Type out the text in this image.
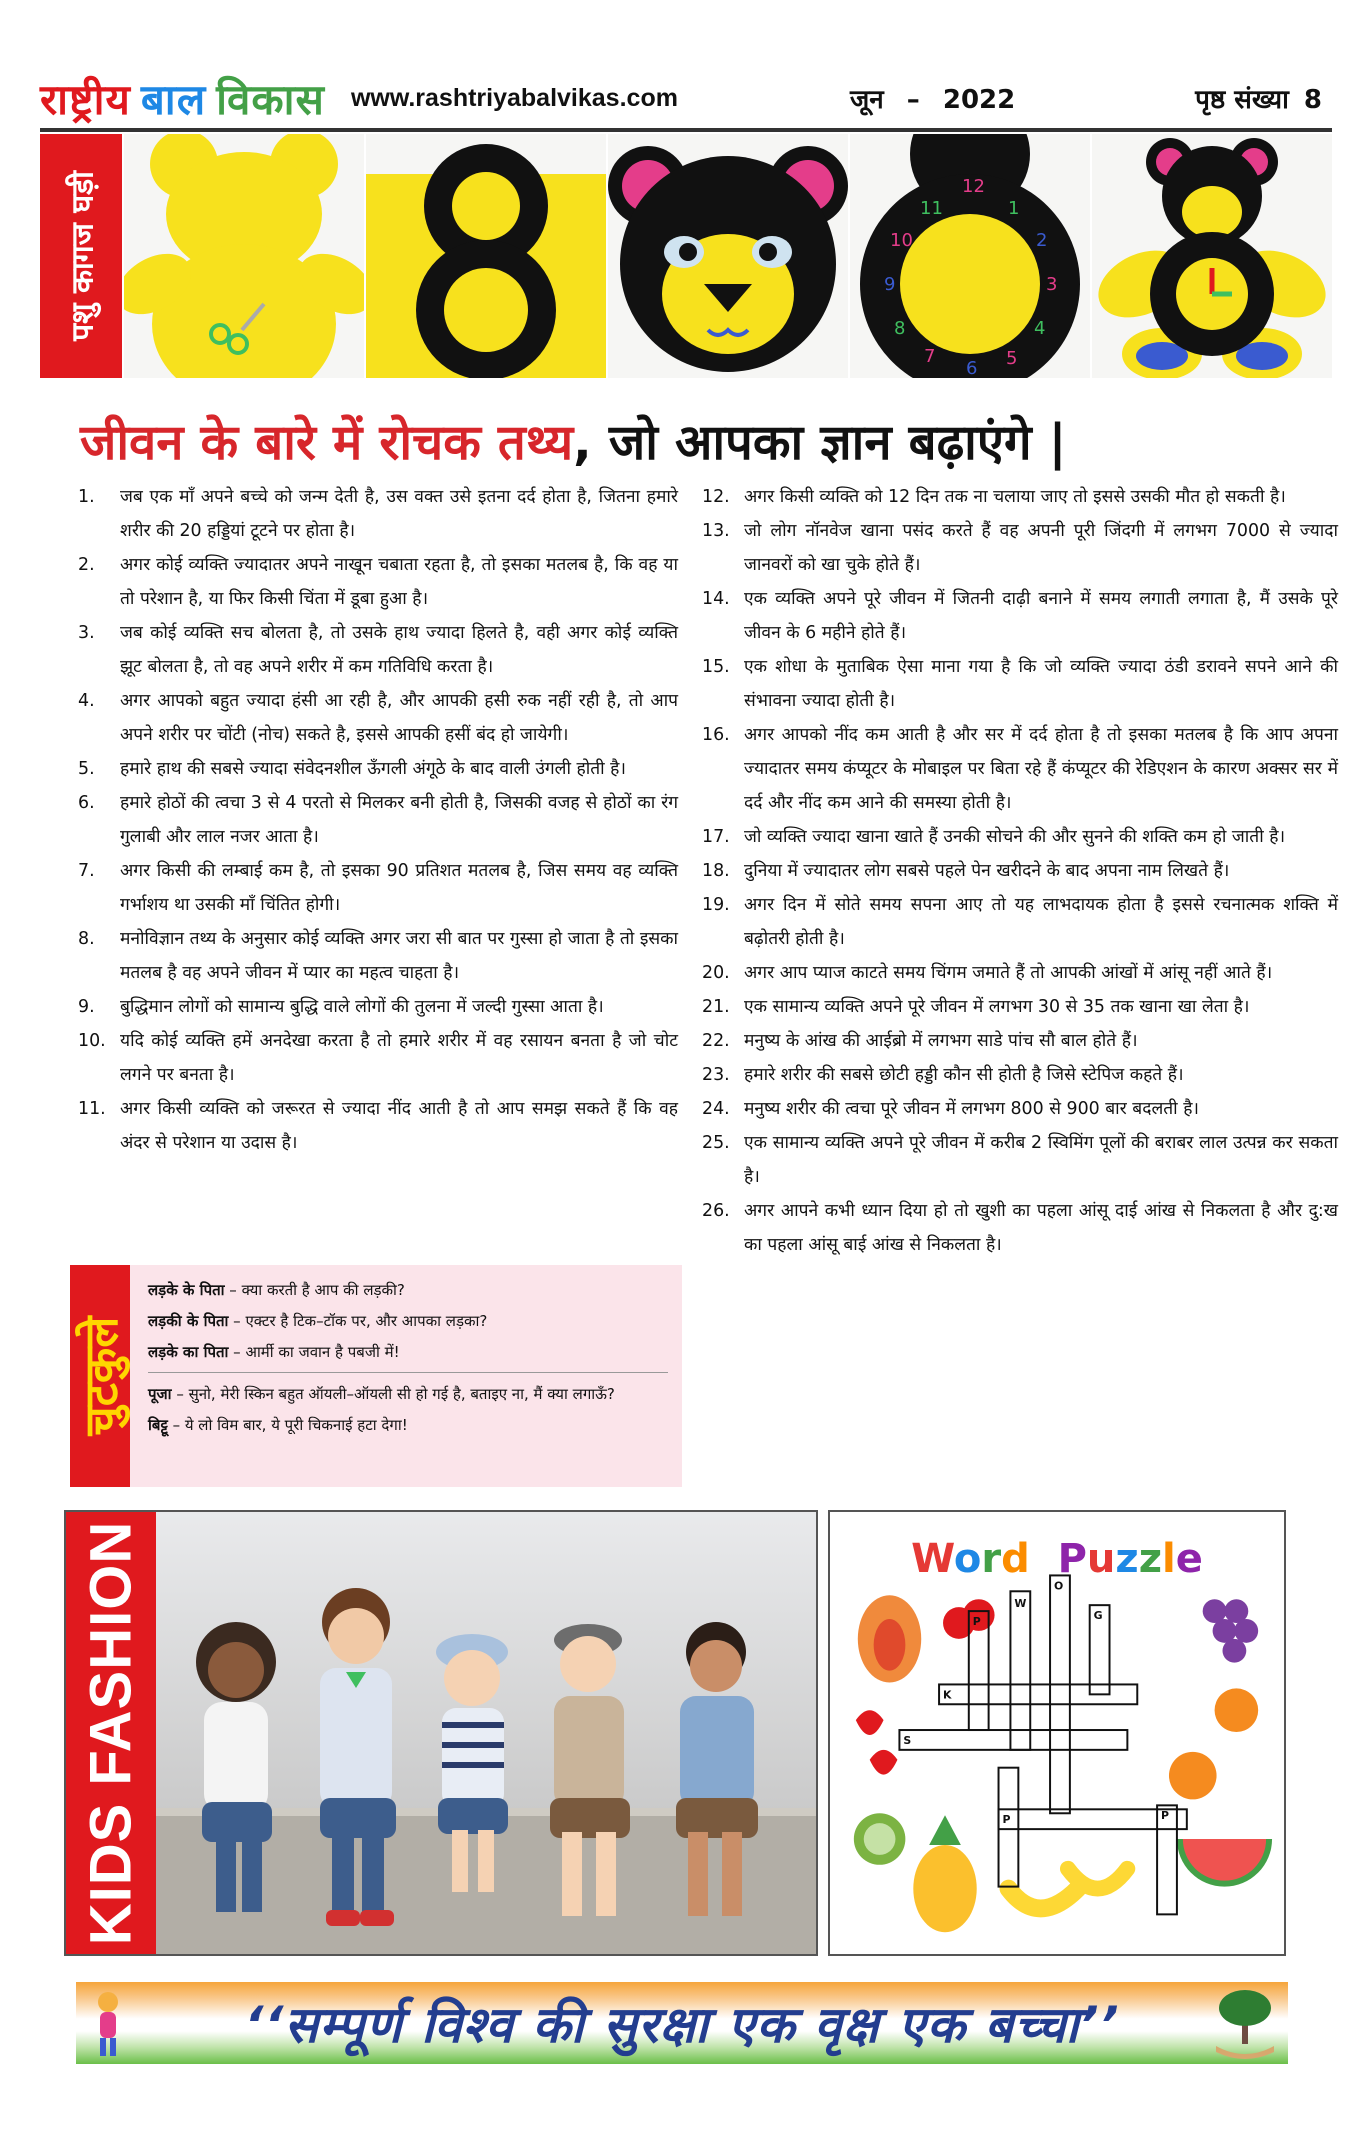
राष्ट्रीय बाल विकास www.rashtriyabalvikas.com	जून – 2022	पृष्ठ संख्या 8
पशु कागज घड़ी	12
1
2
3
4
5
6
7
8
9
10
11
जीवन के बारे में रोचक तथ्य, जो आपका ज्ञान बढ़ाएंगे |
1.	जब एक माँ अपने बच्चे को जन्म देती है, उस वक्त उसे इतना दर्द होता है, जितना हमारे शरीर की 20 हड्डियां टूटने पर होता है।
2.	अगर कोई व्यक्ति ज्यादातर अपने नाखून चबाता रहता है, तो इसका मतलब है, कि वह या तो परेशान है, या फिर किसी चिंता में डूबा हुआ है।
3.	जब कोई व्यक्ति सच बोलता है, तो उसके हाथ ज्यादा हिलते है, वही अगर कोई व्यक्ति झूट बोलता है, तो वह अपने शरीर में कम गतिविधि करता है।
4.	अगर आपको बहुत ज्यादा हंसी आ रही है, और आपकी हसी रुक नहीं रही है, तो आप अपने शरीर पर चोंटी (नोच) सकते है, इससे आपकी हसीं बंद हो जायेगी।
5.	हमारे हाथ की सबसे ज्यादा संवेदनशील ऊँगली अंगूठे के बाद वाली उंगली होती है।
6.	हमारे होठों की त्वचा 3 से 4 परतो से मिलकर बनी होती है, जिसकी वजह से होठों का रंग गुलाबी और लाल नजर आता है।
7.	अगर किसी की लम्बाई कम है, तो इसका 90 प्रतिशत मतलब है, जिस समय वह व्यक्ति गर्भाशय था उसकी माँ चिंतित होगी।
8.	मनोविज्ञान तथ्य के अनुसार कोई व्यक्ति अगर जरा सी बात पर गुस्सा हो जाता है तो इसका मतलब है वह अपने जीवन में प्यार का महत्व चाहता है।
9.	बुद्धिमान लोगों को सामान्य बुद्धि वाले लोगों की तुलना में जल्दी गुस्सा आता है।
10. यदि कोई व्यक्ति हमें अनदेखा करता है तो हमारे शरीर में वह रसायन बनता है जो चोट लगने पर बनता है।
11. अगर किसी व्यक्ति को जरूरत से ज्यादा नींद आती है तो आप समझ सकते हैं कि वह अंदर से परेशान या उदास है।
12. अगर किसी व्यक्ति को 12 दिन तक ना चलाया जाए तो इससे उसकी मौत हो सकती है।
13. जो लोग नॉनवेज खाना पसंद करते हैं वह अपनी पूरी जिंदगी में लगभग 7000 से ज्यादा जानवरों को खा चुके होते हैं।
14. एक व्यक्ति अपने पूरे जीवन में जितनी दाढ़ी बनाने में समय लगाती लगाता है, मैं उसके पूरे जीवन के 6 महीने होते हैं।
15. एक शोधा के मुताबिक ऐसा माना गया है कि जो व्यक्ति ज्यादा ठंडी डरावने सपने आने की संभावना ज्यादा होती है।
16. अगर आपको नींद कम आती है और सर में दर्द होता है तो इसका मतलब है कि आप अपना ज्यादातर समय कंप्यूटर के मोबाइल पर बिता रहे हैं कंप्यूटर की रेडिएशन के कारण अक्सर सर में दर्द और नींद कम आने की समस्या होती है।
17. जो व्यक्ति ज्यादा खाना खाते हैं उनकी सोचने की और सुनने की शक्ति कम हो जाती है।
18. दुनिया में ज्यादातर लोग सबसे पहले पेन खरीदने के बाद अपना नाम लिखते हैं।
19. अगर दिन में सोते समय सपना आए तो यह लाभदायक होता है इससे रचनात्मक शक्ति में बढ़ोतरी होती है।
20. अगर आप प्याज काटते समय चिंगम जमाते हैं तो आपकी आंखों में आंसू नहीं आते हैं।
21. एक सामान्य व्यक्ति अपने पूरे जीवन में लगभग 30 से 35 तक खाना खा लेता है।
22. मनुष्य के आंख की आईब्रो में लगभग साडे पांच सौ बाल होते हैं।
23. हमारे शरीर की सबसे छोटी हड्डी कौन सी होती है जिसे स्टेपिज कहते हैं।
24. मनुष्य शरीर की त्वचा पूरे जीवन में लगभग 800 से 900 बार बदलती है।
25. एक सामान्य व्यक्ति अपने पूरे जीवन में करीब 2 स्विमिंग पूलों की बराबर लाल उत्पन्न कर सकता है।
26. अगर आपने कभी ध्यान दिया हो तो खुशी का पहला आंसू दाई आंख से निकलता है और दु:ख का पहला आंसू बाई आंख से निकलता है।
चुटकुले
लड़के के पिता – क्या करती है आप की लड़की?
लड़की के पिता – एक्टर है टिक–टॉक पर, और आपका लड़का?
लड़के का पिता – आर्मी का जवान है पबजी में!
पूजा – सुनो, मेरी स्किन बहुत ऑयली–ऑयली सी हो गई है, बताइए ना, मैं क्या लगाऊँ?
बिट्टू – ये लो विम बार, ये पूरी चिकनाई हटा देगा!
KIDS FASHION	Word Puzzle
W
O
P	G
K
S
P	P
‘‘सम्पूर्ण विश्व की सुरक्षा एक वृक्ष एक बच्चा’’
